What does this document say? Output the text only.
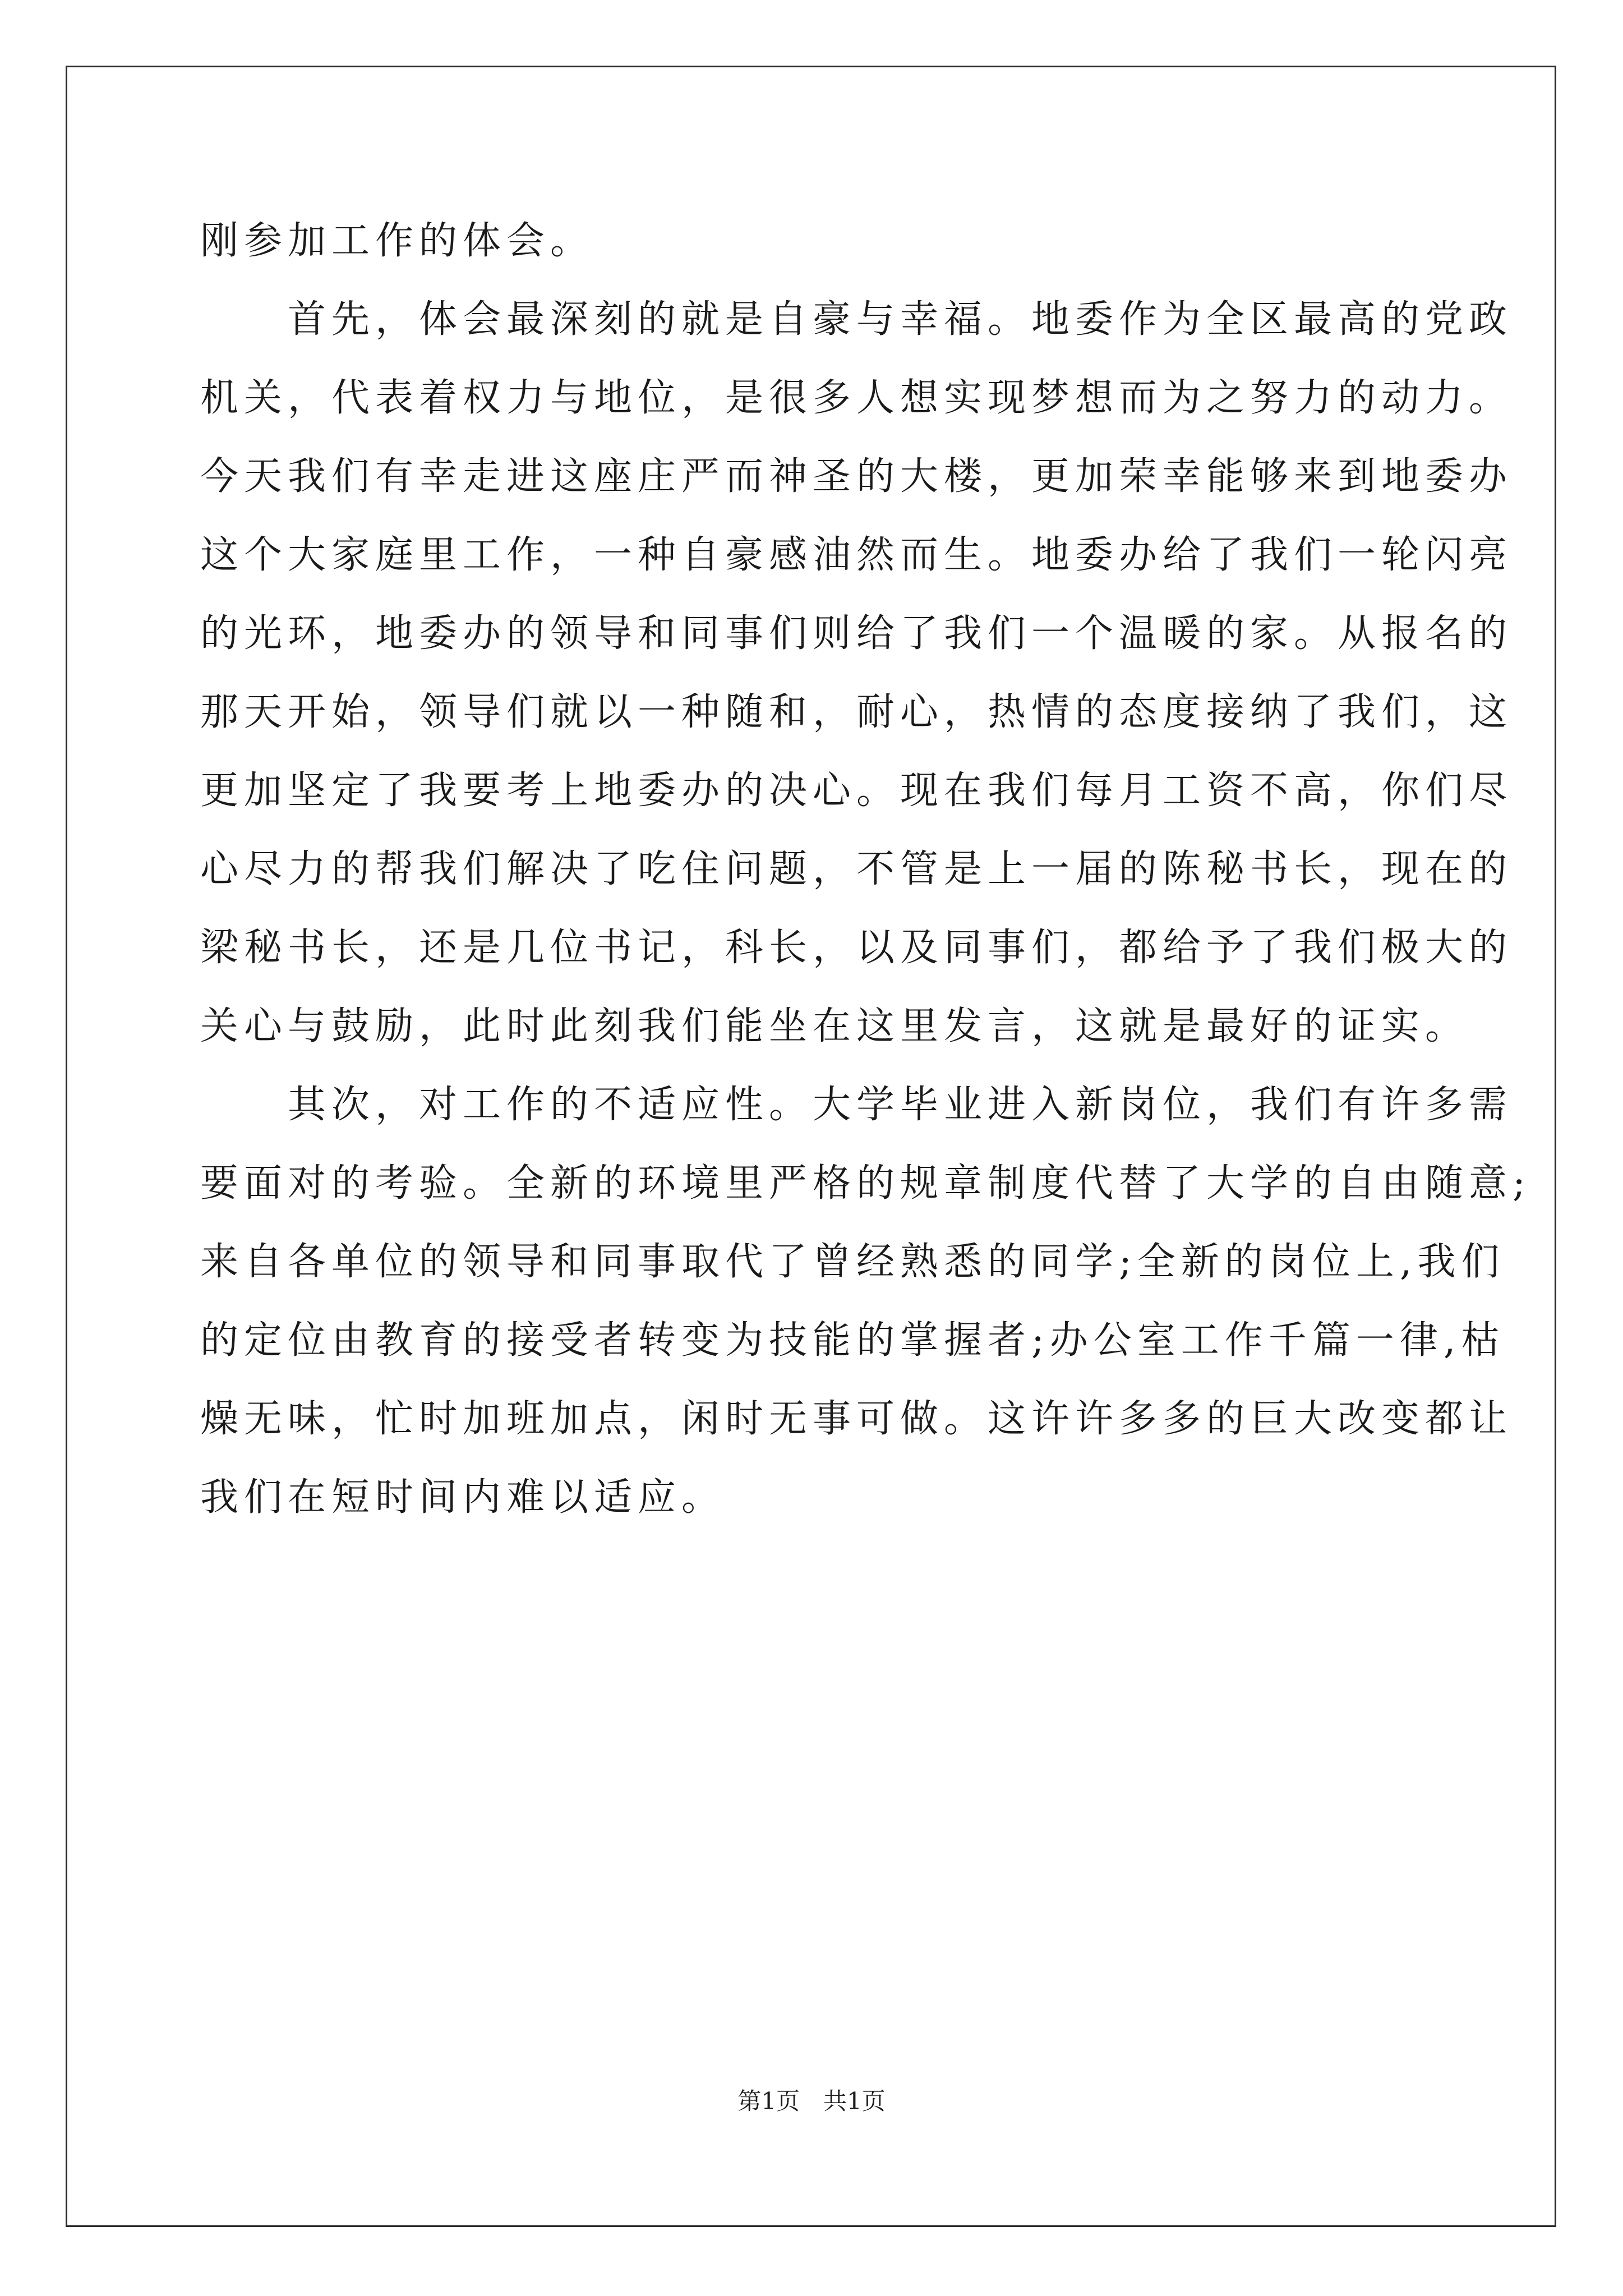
刚参加工作的体会。
　　首先，体会最深刻的就是自豪与幸福。地委作为全区最高的党政
机关，代表着权力与地位，是很多人想实现梦想而为之努力的动力。
今天我们有幸走进这座庄严而神圣的大楼，更加荣幸能够来到地委办
这个大家庭里工作，一种自豪感油然而生。地委办给了我们一轮闪亮
的光环，地委办的领导和同事们则给了我们一个温暖的家。从报名的
那天开始，领导们就以一种随和，耐心，热情的态度接纳了我们，这
更加坚定了我要考上地委办的决心。现在我们每月工资不高，你们尽
心尽力的帮我们解决了吃住问题，不管是上一届的陈秘书长，现在的
梁秘书长，还是几位书记，科长，以及同事们，都给予了我们极大的
关心与鼓励，此时此刻我们能坐在这里发言，这就是最好的证实。
　　其次，对工作的不适应性。大学毕业进入新岗位，我们有许多需
要面对的考验。全新的环境里严格的规章制度代替了大学的自由随意;
来自各单位的领导和同事取代了曾经熟悉的同学;全新的岗位上,我们
的定位由教育的接受者转变为技能的掌握者;办公室工作千篇一律,枯
燥无味，忙时加班加点，闲时无事可做。这许许多多的巨大改变都让
我们在短时间内难以适应。
第1页　共1页
